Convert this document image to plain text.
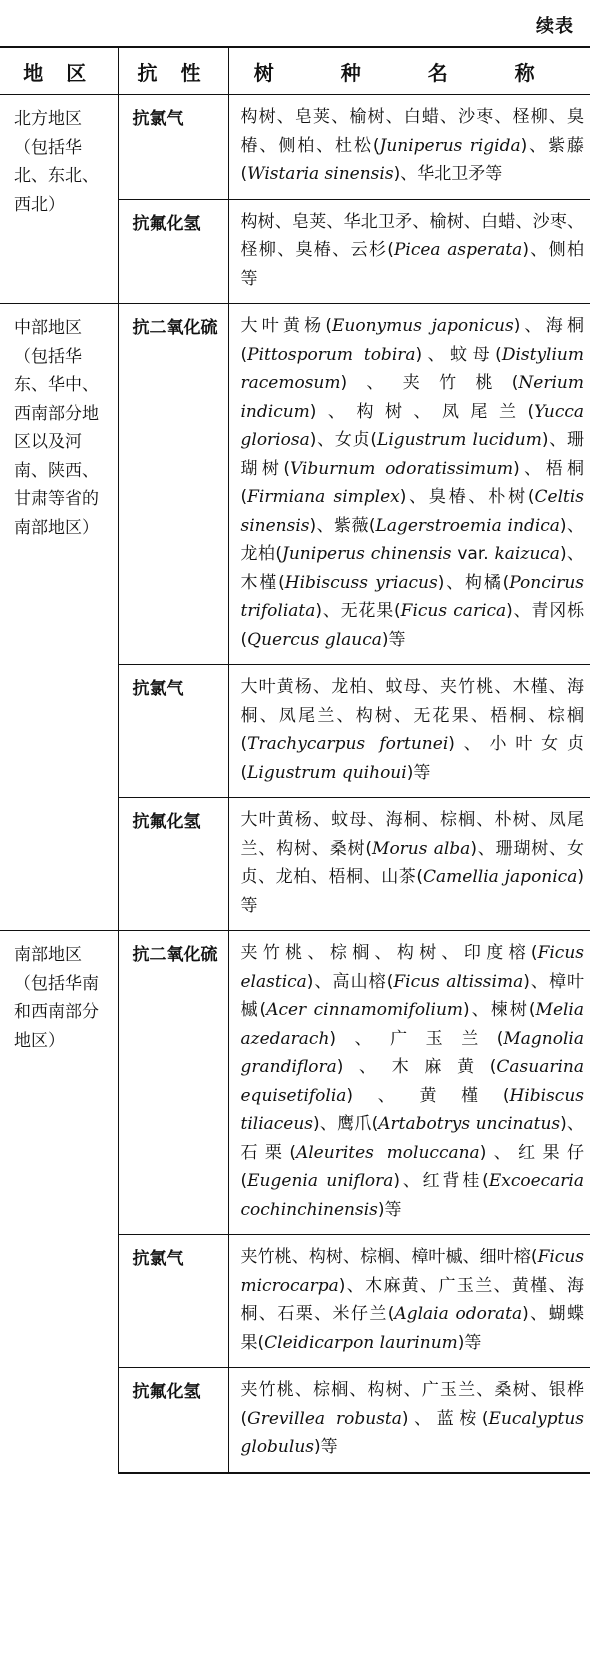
续表
地 区	抗 性	树 种 名 称
北方地区（包括华北、东北、西北）	抗氯气	构树、皂荚、榆树、白蜡、沙枣、柽柳、臭椿、侧柏、杜松(Juniperus rigida)、紫藤(Wistaria sinensis)、华北卫矛等
	抗氟化氢	构树、皂荚、华北卫矛、榆树、白蜡、沙枣、柽柳、臭椿、云杉(Picea asperata)、侧柏等
中部地区（包括华东、华中、西南部分地区以及河南、陕西、甘肃等省的南部地区）	抗二氧化硫	大叶黄杨(Euonymus japonicus)、海桐(Pittosporum tobira)、蚊母(Distylium racemosum)、夹竹桃(Nerium indicum)、构树、凤尾兰(Yucca gloriosa)、女贞(Ligustrum lucidum)、珊瑚树(Viburnum odoratissimum)、梧桐(Firmiana simplex)、臭椿、朴树(Celtis sinensis)、紫薇(Lagerstroemia indica)、龙柏(Juniperus chinensis var. kaizuca)、木槿(Hibiscuss yriacus)、枸橘(Poncirus trifoliata)、无花果(Ficus carica)、青冈栎(Quercus glauca)等
	抗氯气	大叶黄杨、龙柏、蚊母、夹竹桃、木槿、海桐、凤尾兰、构树、无花果、梧桐、棕榈(Trachycarpus fortunei)、小叶女贞(Ligustrum quihoui)等
	抗氟化氢	大叶黄杨、蚊母、海桐、棕榈、朴树、凤尾兰、构树、桑树(Morus alba)、珊瑚树、女贞、龙柏、梧桐、山茶(Camellia japonica)等
南部地区（包括华南和西南部分地区）	抗二氧化硫	夹竹桃、棕榈、构树、印度榕(Ficus elastica)、高山榕(Ficus altissima)、樟叶槭(Acer cinnamomifolium)、楝树(Melia azedarach)、广玉兰(Magnolia grandiflora)、木麻黄(Casuarina equisetifolia)、黄槿(Hibiscus tiliaceus)、鹰爪(Artabotrys uncinatus)、石栗(Aleurites moluccana)、红果仔(Eugenia uniflora)、红背桂(Excoecaria cochinchinensis)等
	抗氯气	夹竹桃、构树、棕榈、樟叶槭、细叶榕(Ficus microcarpa)、木麻黄、广玉兰、黄槿、海桐、石栗、米仔兰(Aglaia odorata)、蝴蝶果(Cleidicarpon laurinum)等
	抗氟化氢	夹竹桃、棕榈、构树、广玉兰、桑树、银桦(Grevillea robusta)、蓝桉(Eucalyptus globulus)等
